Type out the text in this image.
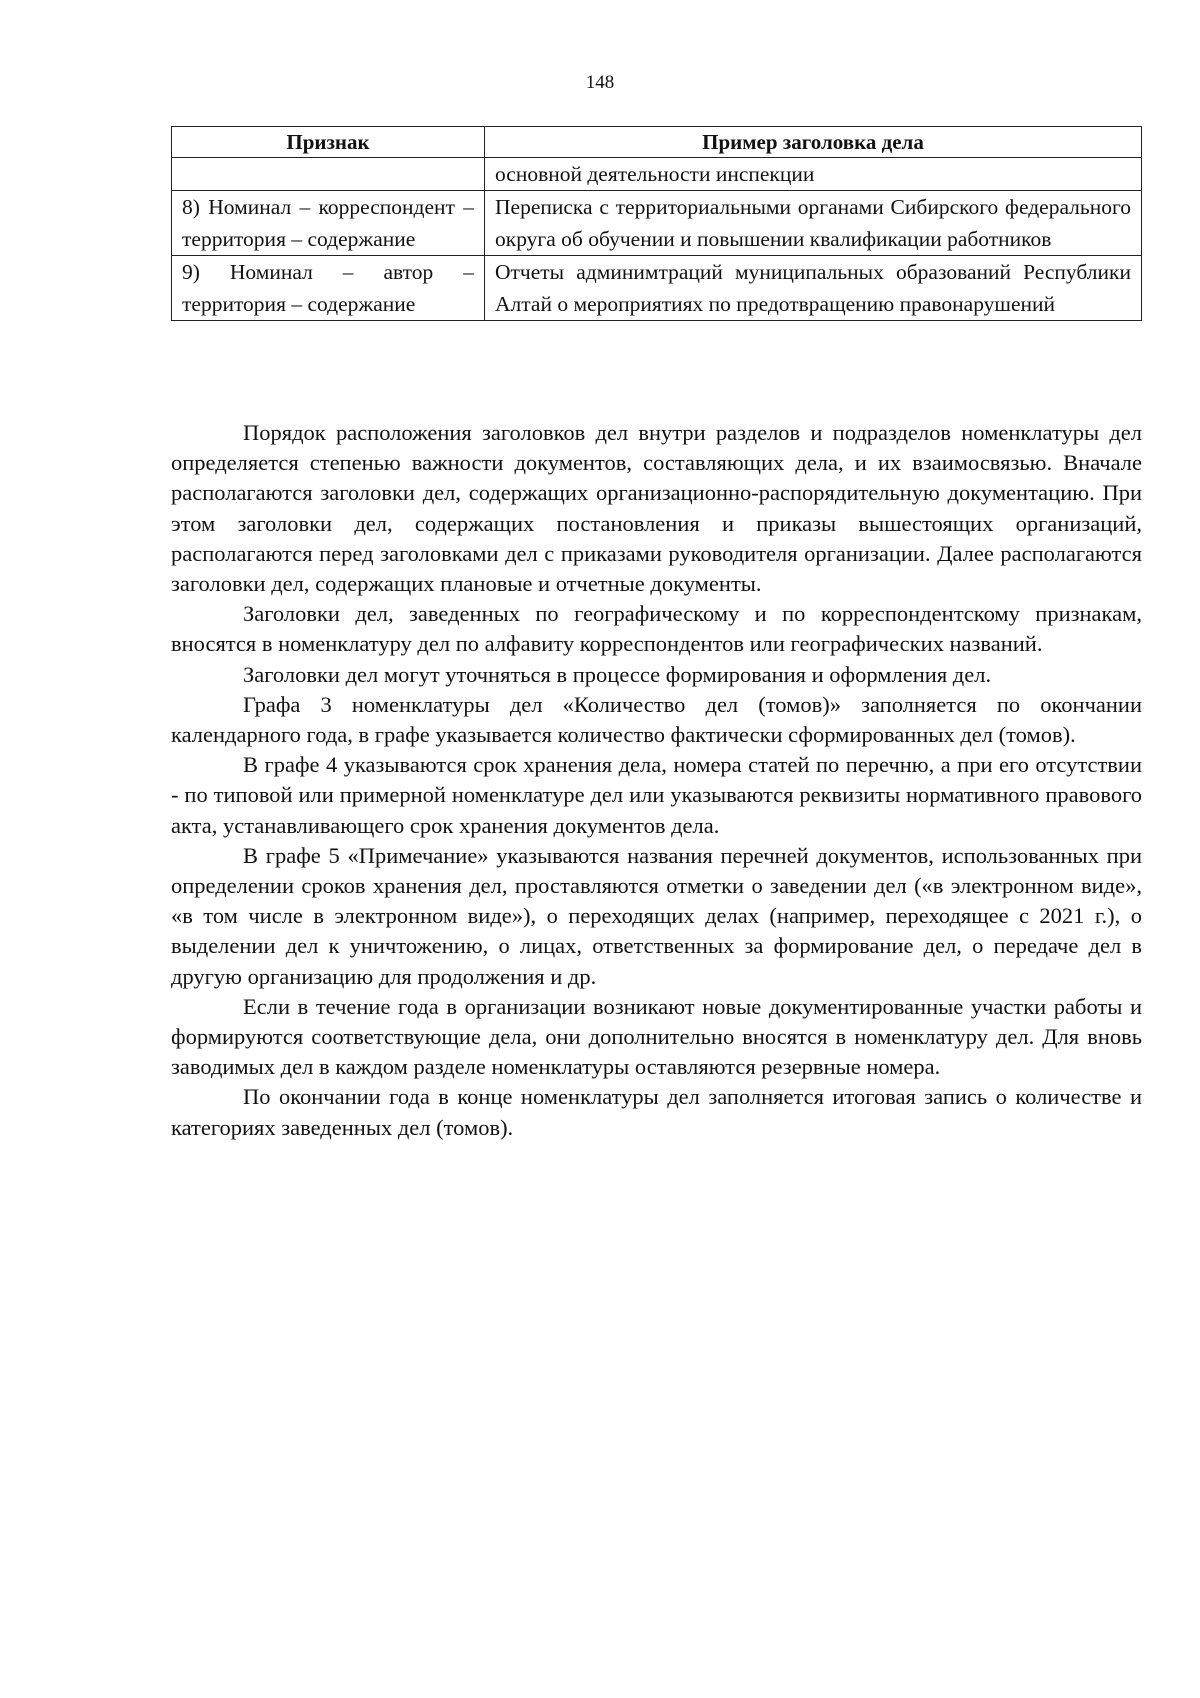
148
Признак	Пример заголовка дела
	основной деятельности инспекции
8) Номинал – корреспондент – территория – содержание	Переписка с территориальными органами Сибирского федерального округа об обучении и повышении квалификации работников
9) Номинал – автор – территория – содержание	Отчеты админимтраций муниципальных образований Республики Алтай о мероприятиях по предотвращению правонарушений

Порядок расположения заголовков дел внутри разделов и подразделов номенклатуры дел определяется степенью важности документов, составляющих дела, и их взаимосвязью. Вначале располагаются заголовки дел, содержащих организационно-распорядительную документацию. При этом заголовки дел, содержащих постановления и приказы вышестоящих организаций, располагаются перед заголовками дел с приказами руководителя организации. Далее располагаются заголовки дел, содержащих плановые и отчетные документы.

Заголовки дел, заведенных по географическому и по корреспондентскому признакам, вносятся в номенклатуру дел по алфавиту корреспондентов или географических названий.

Заголовки дел могут уточняться в процессе формирования и оформления дел.

Графа 3 номенклатуры дел «Количество дел (томов)» заполняется по окончании календарного года, в графе указывается количество фактически сформированных дел (томов).

В графе 4 указываются срок хранения дела, номера статей по перечню, а при его отсутствии - по типовой или примерной номенклатуре дел или указываются реквизиты нормативного правового акта, устанавливающего срок хранения документов дела.

В графе 5 «Примечание» указываются названия перечней документов, использованных при определении сроков хранения дел, проставляются отметки о заведении дел («в электронном виде», «в том числе в электронном виде»), о переходящих делах (например, переходящее с 2021 г.), о выделении дел к уничтожению, о лицах, ответственных за формирование дел, о передаче дел в другую организацию для продолжения и др.

Если в течение года в организации возникают новые документированные участки работы и формируются соответствующие дела, они дополнительно вносятся в номенклатуру дел. Для вновь заводимых дел в каждом разделе номенклатуры оставляются резервные номера.

По окончании года в конце номенклатуры дел заполняется итоговая запись о количестве и категориях заведенных дел (томов).
